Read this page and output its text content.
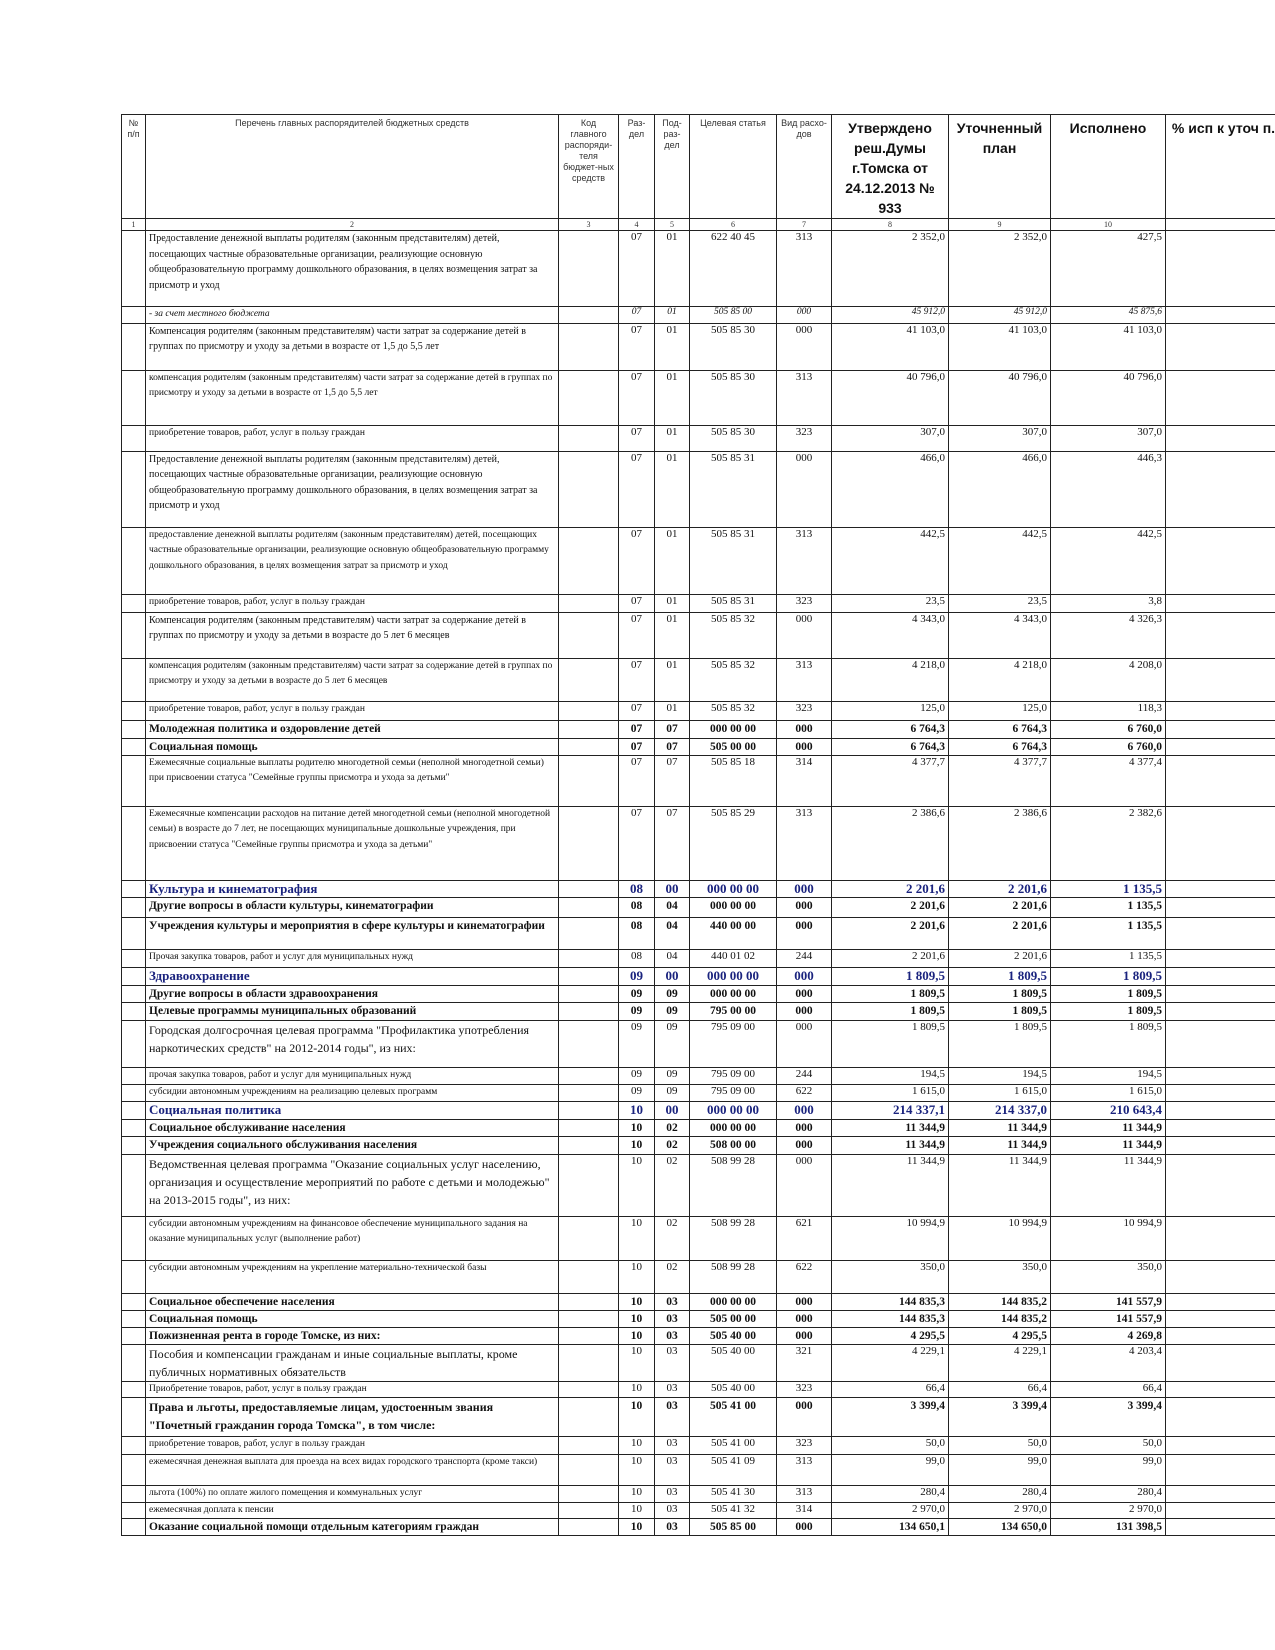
№ п/п	Перечень главных распорядителей бюджетных средств	Код главного распоряди-теля бюджет-ных средств	Раз-дел	Под-раз-дел	Целевая статья	Вид расхо-дов	Утверждено реш.Думы г.Томска от 24.12.2013 № 933	Уточненный план	Исполнено	% исп к уточ п.
1	2	3	4	5	6	7	8	9	10	
	Предоставление денежной выплаты родителям (законным представителям) детей, посещающих частные образовательные организации, реализующие основную общеобразовательную программу дошкольного образования, в целях возмещения затрат за присмотр и уход		07	01	622 40 45	313	2 352,0	2 352,0	427,5	
	- за счет местного бюджета		07	01	505 85 00	000	45 912,0	45 912,0	45 875,6	
	Компенсация родителям (законным представителям) части затрат за содержание детей в группах по присмотру и уходу за детьми в возрасте от 1,5 до 5,5 лет		07	01	505 85 30	000	41 103,0	41 103,0	41 103,0	
	компенсация родителям (законным представителям) части затрат за содержание детей в группах по присмотру и уходу за детьми в возрасте от 1,5 до 5,5 лет		07	01	505 85 30	313	40 796,0	40 796,0	40 796,0	
	приобретение товаров, работ, услуг в пользу граждан		07	01	505 85 30	323	307,0	307,0	307,0	
	Предоставление денежной выплаты родителям (законным представителям) детей, посещающих частные образовательные организации, реализующие основную общеобразовательную программу дошкольного образования, в целях возмещения затрат за присмотр и уход		07	01	505 85 31	000	466,0	466,0	446,3	
	предоставление денежной выплаты родителям (законным представителям) детей, посещающих частные образовательные организации, реализующие основную общеобразовательную программу дошкольного образования, в целях возмещения затрат за присмотр и уход		07	01	505 85 31	313	442,5	442,5	442,5	
	приобретение товаров, работ, услуг в пользу граждан		07	01	505 85 31	323	23,5	23,5	3,8	
	Компенсация родителям (законным представителям) части затрат за содержание детей в группах по присмотру и уходу за детьми в возрасте до 5 лет 6 месяцев		07	01	505 85 32	000	4 343,0	4 343,0	4 326,3	
	компенсация родителям (законным представителям) части затрат за содержание детей в группах по присмотру и уходу за детьми в возрасте до 5 лет 6 месяцев		07	01	505 85 32	313	4 218,0	4 218,0	4 208,0	
	приобретение товаров, работ, услуг в пользу граждан		07	01	505 85 32	323	125,0	125,0	118,3	
	Молодежная политика и оздоровление детей		07	07	000 00 00	000	6 764,3	6 764,3	6 760,0	
	Социальная помощь		07	07	505 00 00	000	6 764,3	6 764,3	6 760,0	
	Ежемесячные социальные выплаты родителю многодетной семьи (неполной многодетной семьи) при присвоении статуса "Семейные группы присмотра и ухода за детьми"		07	07	505 85 18	314	4 377,7	4 377,7	4 377,4	
	Ежемесячные компенсации расходов на питание детей многодетной семьи (неполной многодетной семьи) в возрасте до 7 лет, не посещающих муниципальные дошкольные учреждения, при присвоении статуса "Семейные группы присмотра и ухода за детьми"		07	07	505 85 29	313	2 386,6	2 386,6	2 382,6	
	Культура и кинематография		08	00	000 00 00	000	2 201,6	2 201,6	1 135,5	
	Другие вопросы в области культуры, кинематографии		08	04	000 00 00	000	2 201,6	2 201,6	1 135,5	
	Учреждения культуры и мероприятия в сфере культуры и кинематографии		08	04	440 00 00	000	2 201,6	2 201,6	1 135,5	
	Прочая закупка товаров, работ и услуг для муниципальных нужд		08	04	440 01 02	244	2 201,6	2 201,6	1 135,5	
	Здравоохранение		09	00	000 00 00	000	1 809,5	1 809,5	1 809,5	
	Другие вопросы в области здравоохранения		09	09	000 00 00	000	1 809,5	1 809,5	1 809,5	
	Целевые программы муниципальных образований		09	09	795 00 00	000	1 809,5	1 809,5	1 809,5	
	Городская долгосрочная целевая программа "Профилактика употребления наркотических средств" на 2012-2014 годы", из них:		09	09	795 09 00	000	1 809,5	1 809,5	1 809,5	
	прочая закупка товаров, работ и услуг для муниципальных нужд		09	09	795 09 00	244	194,5	194,5	194,5	
	субсидии автономным учреждениям на реализацию целевых программ		09	09	795 09 00	622	1 615,0	1 615,0	1 615,0	
	Социальная политика		10	00	000 00 00	000	214 337,1	214 337,0	210 643,4	
	Социальное обслуживание населения		10	02	000 00 00	000	11 344,9	11 344,9	11 344,9	
	Учреждения социального обслуживания населения		10	02	508 00 00	000	11 344,9	11 344,9	11 344,9	
	Ведомственная целевая программа "Оказание социальных услуг населению, организация и осуществление мероприятий по работе с детьми и молодежью" на 2013-2015 годы", из них:		10	02	508 99 28	000	11 344,9	11 344,9	11 344,9	
	субсидии автономным учреждениям на финансовое обеспечение муниципального задания на оказание муниципальных услуг (выполнение работ)		10	02	508 99 28	621	10 994,9	10 994,9	10 994,9	
	субсидии автономным учреждениям на укрепление материально-технической базы		10	02	508 99 28	622	350,0	350,0	350,0	
	Социальное обеспечение населения		10	03	000 00 00	000	144 835,3	144 835,2	141 557,9	
	Социальная помощь		10	03	505 00 00	000	144 835,3	144 835,2	141 557,9	
	Пожизненная рента в городе Томске, из них:		10	03	505 40 00	000	4 295,5	4 295,5	4 269,8	
	Пособия и компенсации гражданам и иные социальные выплаты, кроме публичных нормативных обязательств		10	03	505 40 00	321	4 229,1	4 229,1	4 203,4	
	Приобретение товаров, работ, услуг в пользу граждан		10	03	505 40 00	323	66,4	66,4	66,4	
	Права и льготы, предоставляемые лицам, удостоенным звания "Почетный гражданин города Томска", в том числе:		10	03	505 41 00	000	3 399,4	3 399,4	3 399,4	
	приобретение товаров, работ, услуг в пользу граждан		10	03	505 41 00	323	50,0	50,0	50,0	
	ежемесячная денежная выплата для проезда на всех видах городского транспорта (кроме такси)		10	03	505 41 09	313	99,0	99,0	99,0	
	льгота (100%) по оплате жилого помещения и коммунальных услуг		10	03	505 41 30	313	280,4	280,4	280,4	
	ежемесячная доплата к пенсии		10	03	505 41 32	314	2 970,0	2 970,0	2 970,0	
	Оказание социальной помощи отдельным категориям граждан		10	03	505 85 00	000	134 650,1	134 650,0	131 398,5	
